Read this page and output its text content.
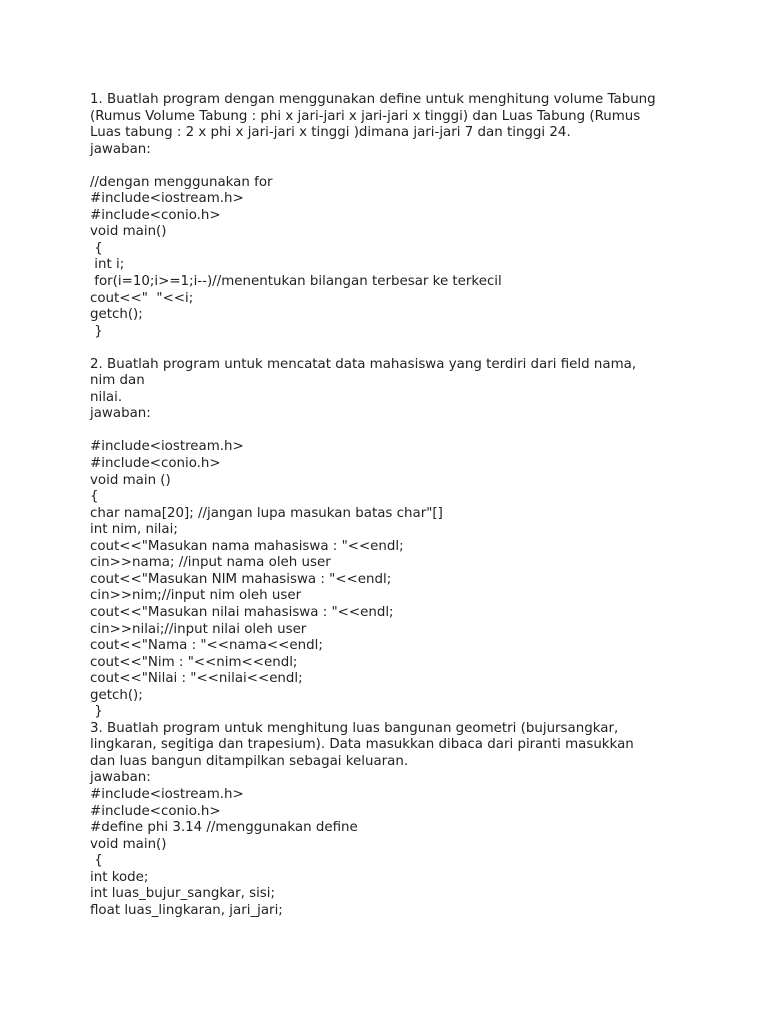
1. Buatlah program dengan menggunakan define untuk menghitung volume Tabung
(Rumus Volume Tabung : phi x jari-jari x jari-jari x tinggi) dan Luas Tabung (Rumus
Luas tabung : 2 x phi x jari-jari x tinggi )dimana jari-jari 7 dan tinggi 24.
jawaban:
//dengan menggunakan for
#include<iostream.h>
#include<conio.h>
void main()
{
int i;
for(i=10;i>=1;i--)//menentukan bilangan terbesar ke terkecil
cout<<"  "<<i;
getch();
}
2. Buatlah program untuk mencatat data mahasiswa yang terdiri dari field nama,
nim dan
nilai.
jawaban:
#include<iostream.h>
#include<conio.h>
void main ()
{
char nama[20]; //jangan lupa masukan batas char"[]
int nim, nilai;
cout<<"Masukan nama mahasiswa : "<<endl;
cin>>nama; //input nama oleh user
cout<<"Masukan NIM mahasiswa : "<<endl;
cin>>nim;//input nim oleh user
cout<<"Masukan nilai mahasiswa : "<<endl;
cin>>nilai;//input nilai oleh user
cout<<"Nama : "<<nama<<endl;
cout<<"Nim : "<<nim<<endl;
cout<<"Nilai : "<<nilai<<endl;
getch();
}
3. Buatlah program untuk menghitung luas bangunan geometri (bujursangkar,
lingkaran, segitiga dan trapesium). Data masukkan dibaca dari piranti masukkan
dan luas bangun ditampilkan sebagai keluaran.
jawaban:
#include<iostream.h>
#include<conio.h>
#define phi 3.14 //menggunakan define
void main()
{
int kode;
int luas_bujur_sangkar, sisi;
float luas_lingkaran, jari_jari;
